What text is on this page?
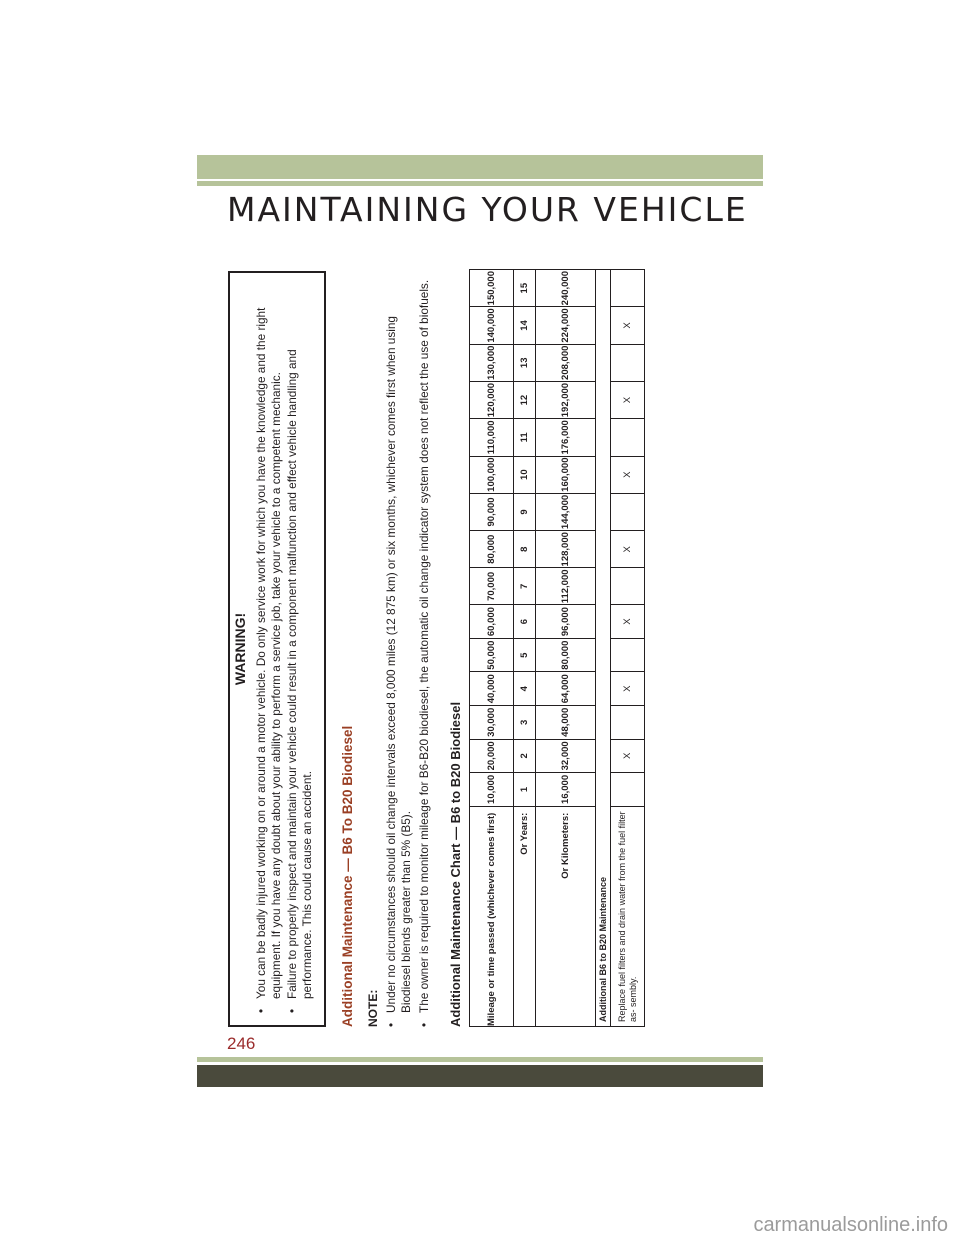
MAINTAINING YOUR VEHICLE
WARNING! • You can be badly injured working on or around a motor vehicle. Do only service work for which you have the knowledge and the right equipment. If you have any doubt about your ability to perform a service job, take your vehicle to a competent mechanic. • Failure to properly inspect and maintain your vehicle could result in a component malfunction and effect vehicle handling and performance. This could cause an accident. Additional Maintenance — B6 To B20 Biodiesel NOTE: • Under no circumstances should oil change intervals exceed 8,000 miles (12 875 km) or six months, whichever comes first when using Biodiesel blends greater than 5% (B5). • The owner is required to monitor mileage for B6-B20 biodiesel, the automatic oil change indicator system does not reflect the use of biofuels. Additional Maintenance Chart — B6 to B20 Biodiesel Mileage or time passed (whichever comes first)	10,000	20,000	30,000	40,000	50,000	60,000	70,000	80,000	90,000	100,000	110,000	120,000	130,000	140,000	150,000
Or Years:	1	2	3	4	5	6	7	8	9	10	11	12	13	14	15
Or Kilometers:	16,000	32,000	48,000	64,000	80,000	96,000	112,000	128,000	144,000	160,000	176,000	192,000	208,000	224,000	240,000
Additional B6 to B20 Maintenance															
Replace fuel filters and drain water from the fuel filter as- sembly.		X		X		X		X		X		X		X	
246
carmanualsonline.info
